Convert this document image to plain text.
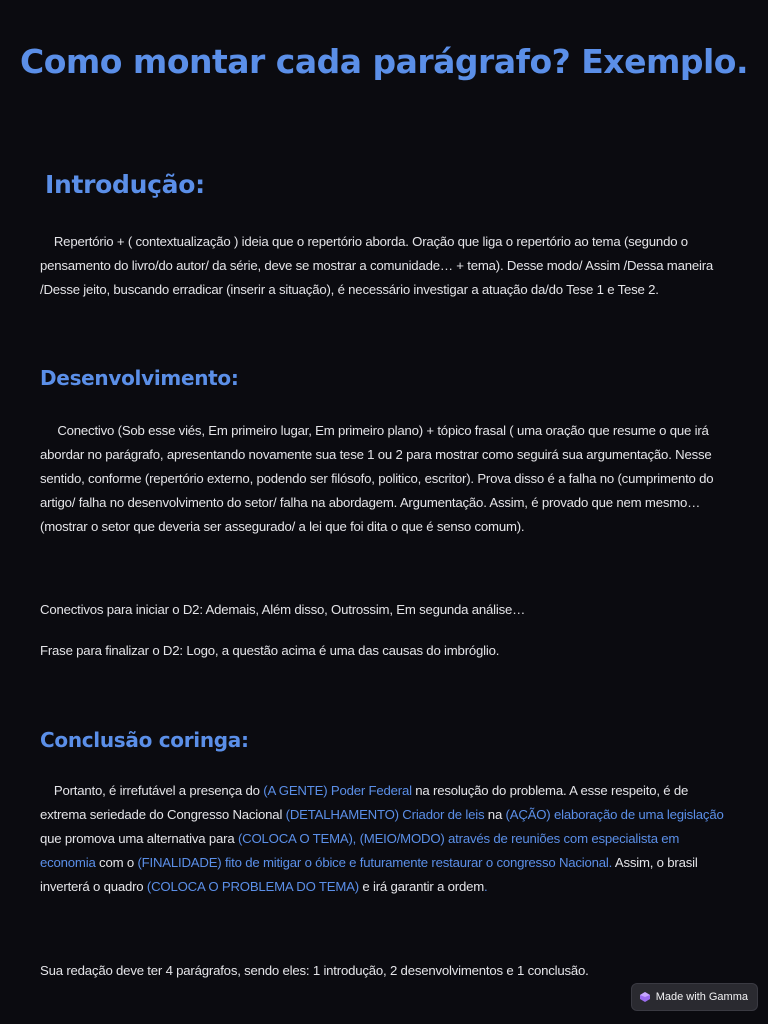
Como montar cada parágrafo? Exemplo.
Introdução:

Repertório + ( contextualização ) ideia que o repertório aborda. Oração que liga o repertório ao tema (segundo o pensamento do livro/do autor/ da série, deve se mostrar a comunidade… + tema). Desse modo/ Assim /Dessa maneira /Desse jeito, buscando erradicar (inserir a situação), é necessário investigar a atuação da/do Tese 1 e Tese 2.

Desenvolvimento:

Conectivo (Sob esse viés, Em primeiro lugar, Em primeiro plano) + tópico frasal ( uma oração que resume o que irá abordar no parágrafo, apresentando novamente sua tese 1 ou 2 para mostrar como seguirá sua argumentação. Nesse sentido, conforme (repertório externo, podendo ser filósofo, politico, escritor). Prova disso é a falha no (cumprimento do artigo/ falha no desenvolvimento do setor/ falha na abordagem. Argumentação. Assim, é provado que nem mesmo…(mostrar o setor que deveria ser assegurado/ a lei que foi dita o que é senso comum).

Conectivos para iniciar o D2: Ademais, Além disso, Outrossim, Em segunda análise…

Frase para finalizar o D2: Logo, a questão acima é uma das causas do imbróglio.

Conclusão coringa:

Portanto, é irrefutável a presença do (A GENTE) Poder Federal na resolução do problema. A esse respeito, é de extrema seriedade do Congresso Nacional (DETALHAMENTO) Criador de leis na (AÇÃO) elaboração de uma legislação que promova uma alternativa para (COLOCA O TEMA), (MEIO/MODO) através de reuniões com especialista em economia com o (FINALIDADE) fito de mitigar o óbice e futuramente restaurar o congresso Nacional. Assim, o brasil inverterá o quadro (COLOCA O PROBLEMA DO TEMA) e irá garantir a ordem.

Sua redação deve ter 4 parágrafos, sendo eles: 1 introdução, 2 desenvolvimentos e 1 conclusão.

Made with Gamma
